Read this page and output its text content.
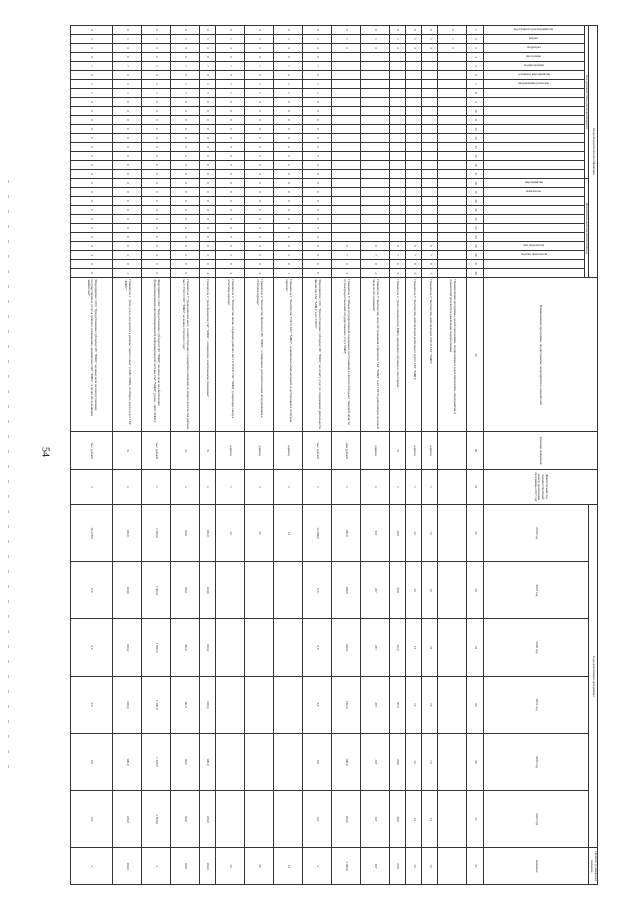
54
Коды бюджетной классификации																												Наименование программы, подпрограммы, мероприятия и показателей	Единица измерения	Фактический год, предшествующий началу реализации программы 2017 год	Годы реализации программы						Целевое (суммарное) значение
Код целевой статьи расходов бюджета																	Дополнительный аналитический код														2018 год	2019 год	2020 год	2021 год	2022 год	2023 год	значение

код главного распорядителя	раздел	подраздел	программа	подпрограмма	основное мероприятие	направление расходов											мероприятие	показатель						тип показателя	подтип показателя												

1	2	3	4	5	6	7	8	9	10	11	12	13	14	15	16	17	18	19	20	21	22	23	24	25	26	27	28	29	30	31	32	33	34	35	36	37	37
0	1	3																										Наименование программы, целей программы, подпрограмм и задач программы, мероприятий и показателей результатов реализации подпрограммы									
0	1	3																						0	7	0	1	Показатель 2 "Количество действующих ТОСП ГАУ "МФЦ"	единиц	х	72	72	72	72	72	72	72
0	1	3																						0	7	0	2	Показатель 3 "Количество действующих мобильных групп ГАУ "МФЦ"	единиц	х	12	12	12	12	12	12	12
0	1	3																						0	7	0	3	Показатель 4 "Доля специалистов МФЦ, прошедших обучение и аттестацию"	%	х	20,0	20,0	20,0	20,0	20,0	20,0	20,0
0	1	3																						0	7	0	4	Показатель 5 "Количество окон обслуживания в филиалах ГАУ "МФЦ" и их ТОСП, работающих на новой модели обслуживания"	единиц	х	237	237	237	237	237	237	237
0	1	3																						0	7	0	5	Показатель 6 "Объем государственной поддержки, поступившей в областной бюджет Тверской области путем предоставления государственных услуг МФЦ"	млн рублей	х	180,0	180,0	180,0	180,0	180,0	180,0	1 080,0
0	1	3	0	7	0	1	1	0	0	0	0	0	0	0	0	0	0	0	0	0	0	0	0	0	8	0	0	Мероприятие 1.001 "Предоставление субсидии ГАУ "МФЦ" на оплату услуг по содержанию деятельности филиалов ГАУ "МФЦ" в их ТОСП"	тыс. рублей	х	12 486,0	0,0	0,0	0,0	0,0	0,0	х
0	1	3	0	7	0	1	1	0	0	0	0	0	0	0	0	0	0	0	0	0	0	0	0	0	2	0	1	Показатель 1 "Количество ТОСП ГАУ "МФЦ", оснащенных компьютерной и оргтехникой в отчетном периоде"	единиц	х	14						14
0	1	3	0	7	0	1	1	0	0	0	0	0	0	0	0	0	0	0	0	0	0	0	0	0	2	0	2	Показатель 2 "Количество филиалов ГАУ "МФЦ", оснащенных дополнительным оборудованием в отчетном периоде"	единиц	х	35						35
0	1	3	0	7	0	1	1	0	0	0	0	0	0	0	0	0	0	0	0	0	0	0	0	0	2	0	3	Показатель 3 "Количество вновь созданных рабочих мест в ТОСП ГАУ "МФЦ" (операторы окон) в отчетном периоде"	единиц	х	12						12
0	1	3	0	7	0	1	1	0	0	0	0	0	0	0	0	0	0	0	0	0	0	0	0	0	2	0	4	Показатель 4 "Доля филиалов ГАУ "МФЦ", оснащенных электронными очередями"	%	х	100,0	100,0	100,0	100,0	100,0	100,0	100,0
0	1	3	0	7	0	1	1	0	0	0	0	0	0	0	0	0	0	0	0	0	0	0	0	0	2	0	5	Показатель 5 "Доля рабочих мест, соответствующих стандартам оснащения от общего количества рабочих мест ТОСП ГАУ "МФЦ" на конец отчетного года"	%	х	80,0	80,0	80,0	80,0	80,0	80,0	80,0
0	1	3	0	7	0	1	1	0	0	0	0	0	0	0	0	0	0	0	0	0	0	0	0	0	3	0	0	Мероприятие 1.002 "Предоставление субсидии ГАУ "МФЦ" на иные цели на обеспечение функционирования автоматизированной информационной системы ГАУ "МФЦ" (далее - АИС МФЦ)"	тыс. рублей	х	1 500,0	1 500,0	1 500,0	1 500,0	1 500,0	1 500,0	х
0	1	3	0	7	0	1	1	0	0	0	0	0	0	0	0	0	0	0	0	0	0	0	0	0	3	0	1	Показатель 1 "Доля услуг, доступных в режиме "одного окна" в АИС МФЦ, от общего числа услуг ГАУ "МФЦ""	%	х	100,0	100,0	100,0	100,0	100,0	100,0	100,0
0	1	3	0	7	0	1	1	0	0	0	0	0	0	0	0	0	0	0	0	0	0	0	0	0	4	0	0	Мероприятие 1.003 "Предоставление субсидии ГАУ "МФЦ" на иные цели на предоставление государственных услуг в здании и помещениях, занимаемых ГАУ "МФЦ", в целях обслуживания заявителей"	тыс. рублей	х	18 225,0	0,0	0,0	0,0	0,0	0,0	х
